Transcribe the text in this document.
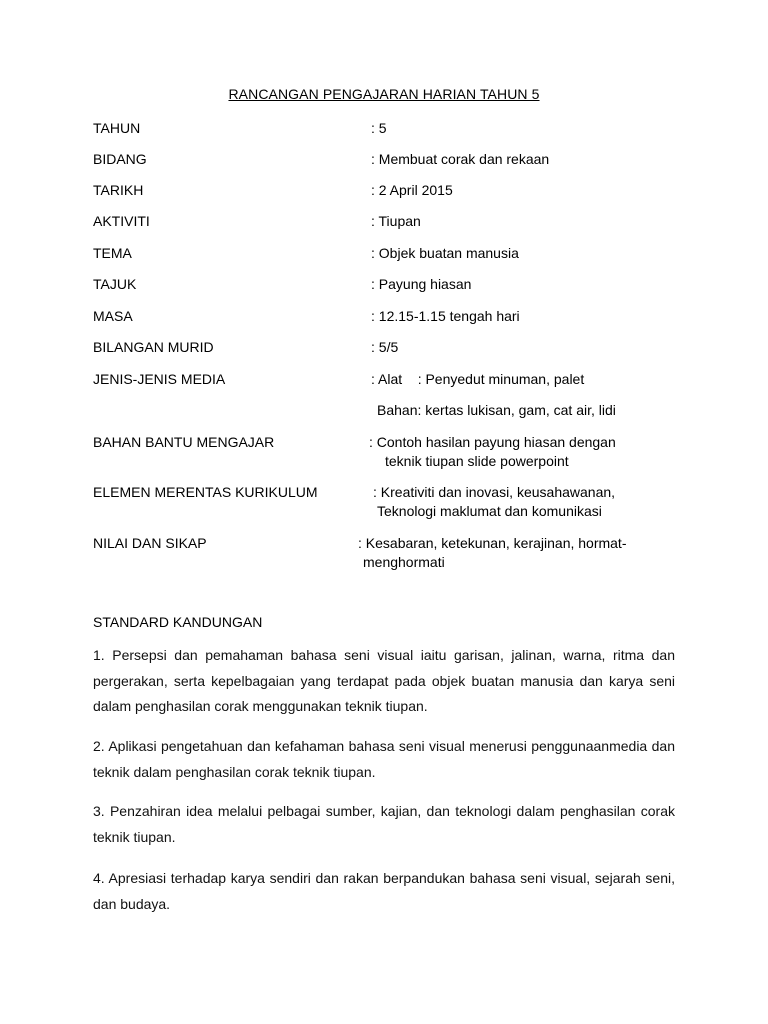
RANCANGAN PENGAJARAN HARIAN TAHUN 5
TAHUN	: 5
BIDANG	: Membuat corak dan rekaan
TARIKH	: 2 April 2015
AKTIVITI	: Tiupan
TEMA	: Objek buatan manusia
TAJUK	: Payung hiasan
MASA	: 12.15-1.15 tengah hari
BILANGAN MURID	: 5/5
JENIS-JENIS MEDIA	: Alat    : Penyedut minuman, palet
Bahan: kertas lukisan, gam, cat air, lidi
BAHAN BANTU MENGAJAR	: Contoh hasilan payung hiasan dengan
teknik tiupan slide powerpoint
ELEMEN MERENTAS KURIKULUM	: Kreativiti dan inovasi, keusahawanan,
Teknologi maklumat dan komunikasi
NILAI DAN SIKAP	: Kesabaran, ketekunan, kerajinan, hormat-
menghormati
STANDARD KANDUNGAN
1. Persepsi dan pemahaman bahasa seni visual iaitu garisan, jalinan, warna, ritma dan pergerakan, serta kepelbagaian yang terdapat pada objek buatan manusia dan karya seni dalam penghasilan corak menggunakan teknik tiupan.
2. Aplikasi pengetahuan dan kefahaman bahasa seni visual menerusi penggunaanmedia dan teknik dalam penghasilan corak teknik tiupan.
3. Penzahiran idea melalui pelbagai sumber, kajian, dan teknologi dalam penghasilan corak teknik tiupan.
4. Apresiasi terhadap karya sendiri dan rakan berpandukan bahasa seni visual, sejarah seni, dan budaya.
